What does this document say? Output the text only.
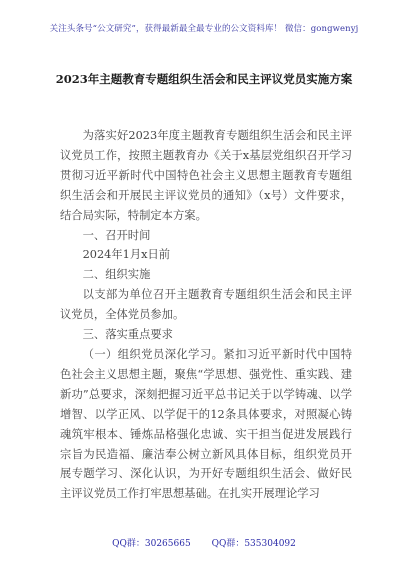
关注头条号“公文研究”，获得最新最全最专业的公文资料库！ 微信：gongwenyj
2023年主题教育专题组织生活会和民主评议党员实施方案

为落实好2023年度主题教育专题组织生活会和民主评议党员工作，按照主题教育办《关于x基层党组织召开学习贯彻习近平新时代中国特色社会主义思想主题教育专题组织生活会和开展民主评议党员的通知》（x号）文件要求，结合局实际，特制定本方案。

一、召开时间

2024年1月x日前

二、组织实施

以支部为单位召开主题教育专题组织生活会和民主评议党员，全体党员参加。

三、落实重点要求

（一）组织党员深化学习。紧扣习近平新时代中国特色社会主义思想主题，聚焦“学思想、强党性、重实践、建新功”总要求，深刻把握习近平总书记关于以学铸魂、以学增智、以学正风、以学促干的12条具体要求，对照凝心铸魂筑牢根本、锤炼品格强化忠诚、实干担当促进发展践行宗旨为民造福、廉洁奉公树立新风具体目标，组织党员开展专题学习、深化认识，为开好专题组织生活会、做好民主评议党员工作打牢思想基础。在扎实开展理论学习

QQ群：30265665 QQ群：535304092
